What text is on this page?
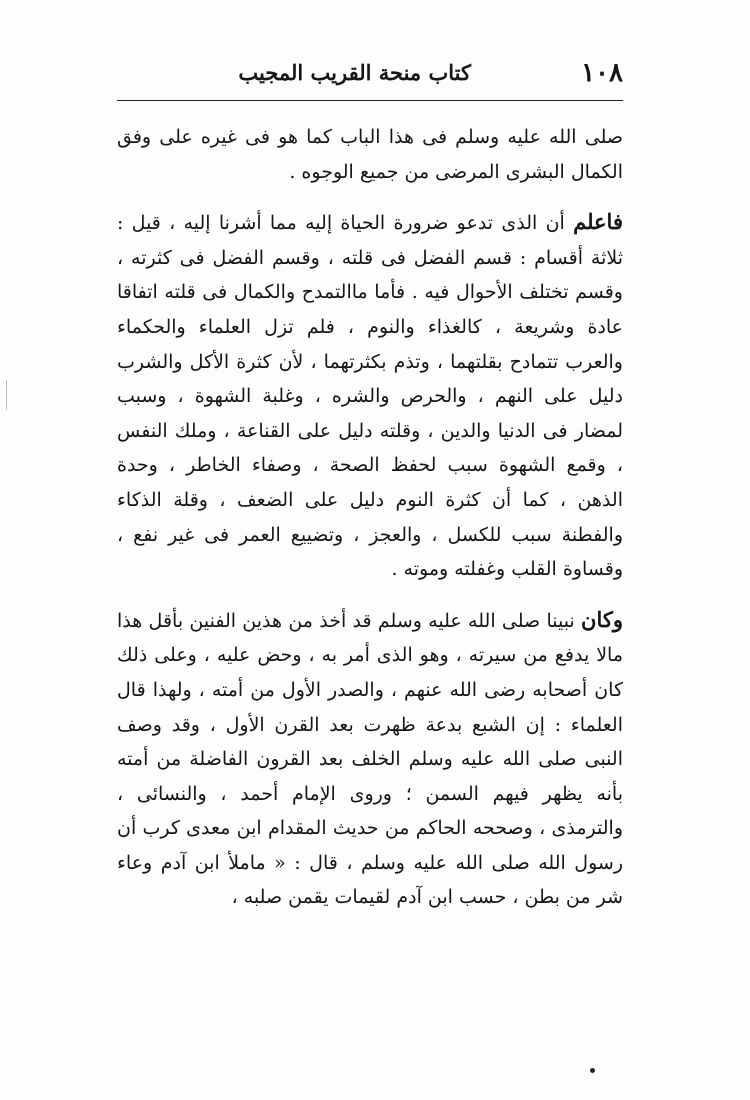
١٠٨
كتاب منحة القريب المجيب

صلى الله عليه وسلم فى هذا الباب كما هو فى غيره على وفق الكمال البشرى المرضى من جميع الوجوه .

فاعلم أن الذى تدعو ضرورة الحياة إليه مما أشرنا إليه ، قيل : ثلاثة أقسام : قسم الفضل فى قلته ، وقسم الفضل فى كثرته ، وقسم تختلف الأحوال فيه . فأما ماالتمدح والكمال فى قلته اتفاقا عادة وشريعة ، كالغذاء والنوم ، فلم تزل العلماء والحكماء والعرب تتمادح بقلتهما ، وتذم بكثرتهما ، لأن كثرة الأكل والشرب دليل على النهم ، والحرص والشره ، وغلبة الشهوة ، وسبب لمضار فى الدنيا والدين ، وقلته دليل على القناعة ، وملك النفس ، وقمع الشهوة سبب لحفظ الصحة ، وصفاء الخاطر ، وحدة الذهن ، كما أن كثرة النوم دليل على الضعف ، وقلة الذكاء والفطنة سبب للكسل ، والعجز ، وتضييع العمر فى غير نفع ، وقساوة القلب وغفلته وموته .

وكان نبينا صلى الله عليه وسلم قد أخذ من هذين الفنين بأقل هذا مالا يدفع من سيرته ، وهو الذى أمر به ، وحض عليه ، وعلى ذلك كان أصحابه رضى الله عنهم ، والصدر الأول من أمته ، ولهذا قال العلماء : إن الشبع بدعة ظهرت بعد القرن الأول ، وقد وصف النبى صلى الله عليه وسلم الخلف بعد القرون الفاضلة من أمته بأنه يظهر فيهم السمن ؛ وروى الإمام أحمد ، والنسائى ، والترمذى ، وصححه الحاكم من حديث المقدام ابن معدى كرب أن رسول الله صلى الله عليه وسلم ، قال : « ماملأ ابن آدم وعاء شر من بطن ، حسب ابن آدم لقيمات يقمن صلبه ،
